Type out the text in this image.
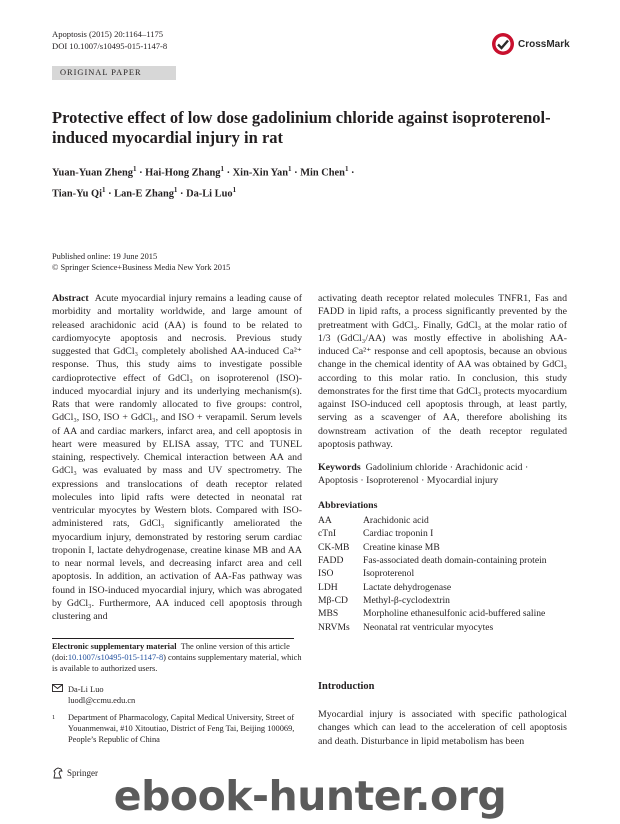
Apoptosis (2015) 20:1164–1175
DOI 10.1007/s10495-015-1147-8	CrossMark
ORIGINAL PAPER
Protective effect of low dose gadolinium chloride against isoproterenol-induced myocardial injury in rat
Yuan-Yuan Zheng$^1$ · Hai-Hong Zhang$^1$ · Xin-Xin Yan$^1$ · Min Chen$^1$ ·
Tian-Yu $Qi^1 \cdot Lan-E$ Zhang$^1$ · Da-Li Luo$^1$
Published online: 19 June 2015
© Springer Science+Business Media New York 2015
Abstract Acute myocardial injury remains a leading cause of morbidity and mortality worldwide, and large amount of released arachidonic acid (AA) is found to be related to cardiomyocyte apoptosis and necrosis. Previous study suggested that GdCl₃ completely abolished AA-induced Ca²⁺ response. Thus, this study aims to investigate possible cardioprotective effect of GdCl₃ on isoproterenol (ISO)-induced myocardial injury and its underlying mechanism(s). Rats that were randomly allocated to five groups: control, GdCl₃, ISO, ISO + GdCl₃, and ISO + verapamil. Serum levels of AA and cardiac markers, infarct area, and cell apoptosis in heart were measured by ELISA assay, TTC and TUNEL staining, respectively. Chemical interaction between AA and GdCl₃ was evaluated by mass and UV spectrometry. The expressions and translocations of death receptor related molecules into lipid rafts were detected in neonatal rat ventricular myocytes by Western blots. Compared with ISO-administered rats, GdCl₃ significantly ameliorated the myocardium injury, demonstrated by restoring serum cardiac troponin I, lactate dehydrogenase, creatine kinase MB and AA to near normal levels, and decreasing infarct area and cell apoptosis. In addition, an activation of AA-Fas pathway was found in ISO-induced myocardial injury, which was abrogated by GdCl₃. Furthermore, AA induced cell apoptosis through clustering and
activating death receptor related molecules TNFR1, Fas and FADD in lipid rafts, a process significantly prevented by the pretreatment with GdCl₃. Finally, GdCl₃ at the molar ratio of 1/3 (GdCl₃/AA) was mostly effective in abolishing AA-induced Ca²⁺ response and cell apoptosis, because an obvious change in the chemical identity of AA was obtained by GdCl₃ according to this molar ratio. In conclusion, this study demonstrates for the first time that GdCl₃ protects myocardium against ISO-induced cell apoptosis through, at least partly, serving as a scavenger of AA, therefore abolishing its downstream activation of the death receptor regulated apoptosis pathway.
Keywords Gadolinium chloride · Arachidonic acid · Apoptosis · Isoproterenol · Myocardial injury
Abbreviations
AA	Arachidonic acid
cTnI	Cardiac troponin I
CK-MB	Creatine kinase MB
FADD	Fas-associated death domain-containing protein
ISO	Isoproterenol
LDH	Lactate dehydrogenase
Mβ-CD	Methyl-β-cyclodextrin
MBS	Morpholine ethanesulfonic acid-buffered saline
NRVMs	Neonatal rat ventricular myocytes
Electronic supplementary material The online version of this article (doi:10.1007/s10495-015-1147-8) contains supplementary material, which is available to authorized users.
Da-Li Luo
luodl@ccmu.edu.cn
1	Department of Pharmacology, Capital Medical University, Street of Youanmenwai, #10 Xitoutiao, District of Feng Tai, Beijing 100069, People’s Republic of China
Introduction
Myocardial injury is associated with specific pathological changes which can lead to the acceleration of cell apoptosis and death. Disturbance in lipid metabolism has been
Springer ebook-hunter.org
